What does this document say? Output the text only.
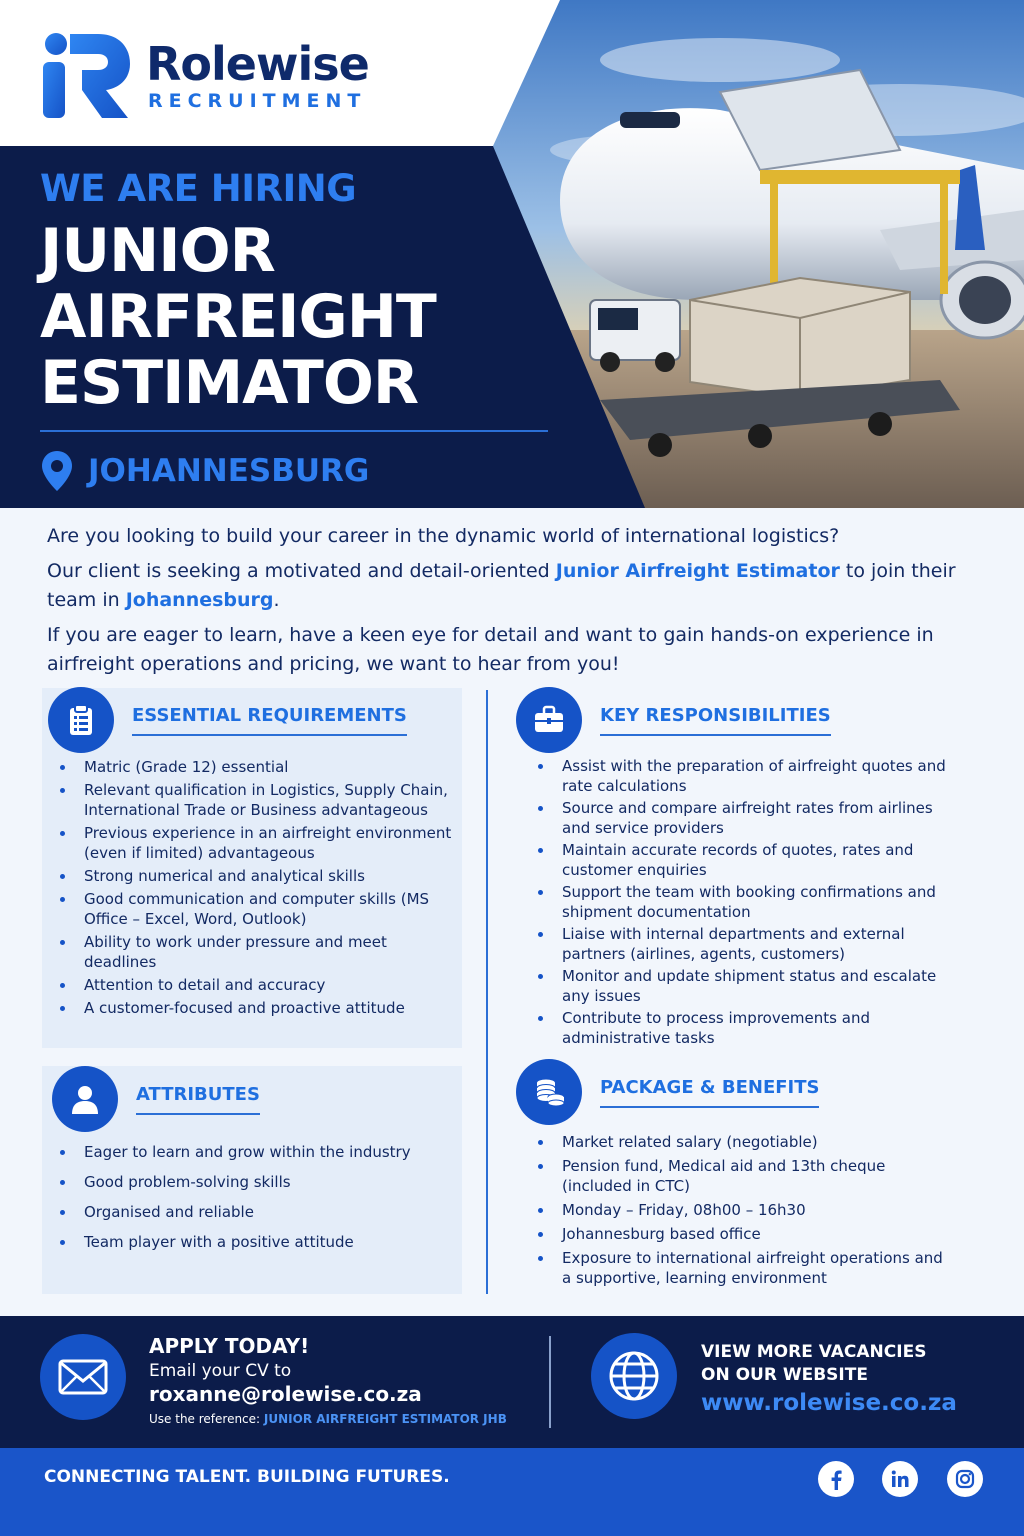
Rolewise
RECRUITMENT
WE ARE HIRING
JUNIOR
AIRFREIGHT
ESTIMATOR
JOHANNESBURG

Are you looking to build your career in the dynamic world of international logistics?

Our client is seeking a motivated and detail-oriented Junior Airfreight Estimator to join their team in Johannesburg.

If you are eager to learn, have a keen eye for detail and want to gain hands-on experience in airfreight operations and pricing, we want to hear from you!

ESSENTIAL REQUIREMENTS
Matric (Grade 12) essential
Relevant qualification in Logistics, Supply Chain, International Trade or Business advantageous
Previous experience in an airfreight environment (even if limited) advantageous
Strong numerical and analytical skills
Good communication and computer skills (MS Office – Excel, Word, Outlook)
Ability to work under pressure and meet deadlines
Attention to detail and accuracy
A customer-focused and proactive attitude
ATTRIBUTES
Eager to learn and grow within the industry
Good problem-solving skills
Organised and reliable
Team player with a positive attitude
KEY RESPONSIBILITIES
Assist with the preparation of airfreight quotes and rate calculations
Source and compare airfreight rates from airlines and service providers
Maintain accurate records of quotes, rates and customer enquiries
Support the team with booking confirmations and shipment documentation
Liaise with internal departments and external partners (airlines, agents, customers)
Monitor and update shipment status and escalate any issues
Contribute to process improvements and administrative tasks
PACKAGE & BENEFITS
Market related salary (negotiable)
Pension fund, Medical aid and 13th cheque (included in CTC)
Monday – Friday, 08h00 – 16h30
Johannesburg based office
Exposure to international airfreight operations and a supportive, learning environment
APPLY TODAY!
Email your CV to
roxanne@rolewise.co.za
Use the reference: JUNIOR AIRFREIGHT ESTIMATOR JHB
VIEW MORE VACANCIES
ON OUR WEBSITE
www.rolewise.co.za
CONNECTING TALENT. BUILDING FUTURES.
